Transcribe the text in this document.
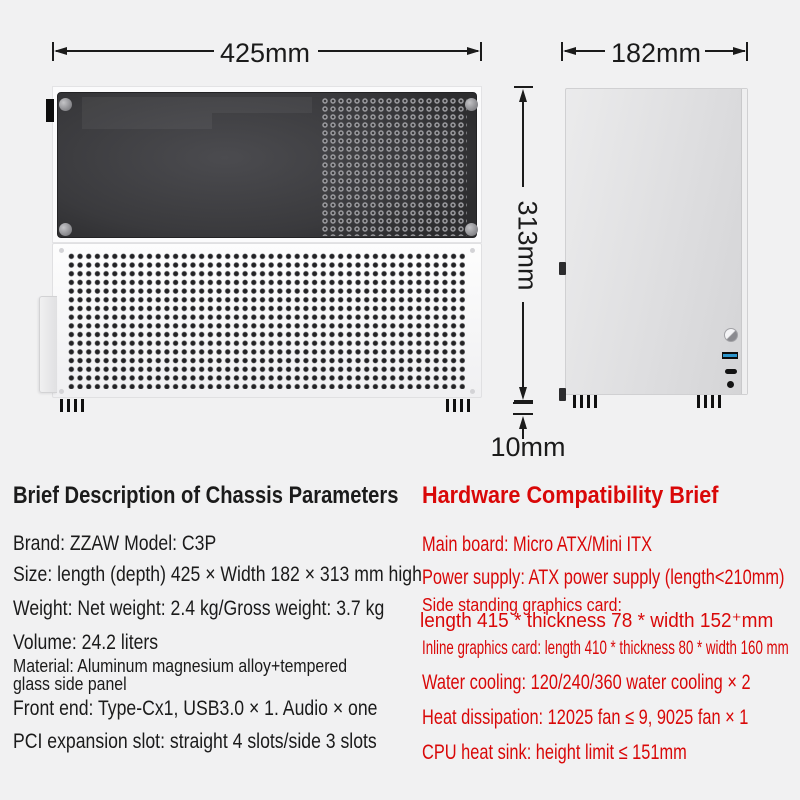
425mm	182mm
313mm
10mm
Brief Description of Chassis Parameters
Brand: ZZAW Model: C3P
Size: length (depth) 425 × Width 182 × 313 mm high
Weight: Net weight: 2.4 kg/Gross weight: 3.7 kg
Volume: 24.2 liters
Material: Aluminum magnesium alloy+tempered
glass side panel
Front end: Type-Cx1, USB3.0 × 1. Audio × one
PCI expansion slot: straight 4 slots/side 3 slots
Hardware Compatibility Brief
Main board: Micro ATX/Mini ITX
Power supply: ATX power supply (length<210mm)
Side standing graphics card:
length 415 * thickness 78 * width 152⁺mm
Inline graphics card: length 410 * thickness 80 * width 160 mm
Water cooling: 120/240/360 water cooling × 2
Heat dissipation: 12025 fan ≤ 9, 9025 fan × 1
CPU heat sink: height limit ≤ 151mm
